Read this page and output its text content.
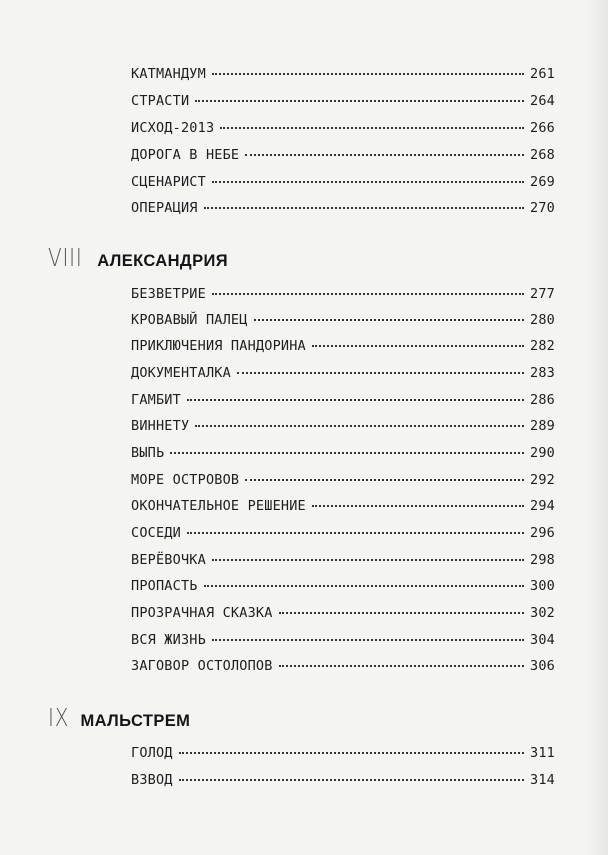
КАТМАНДУМ	261
СТРАСТИ	264
ИСХОД-2013	266
ДОРОГА В НЕБЕ	268
СЦЕНАРИСТ	269
ОПЕРАЦИЯ	270
VIII АЛЕКСАНДРИЯ
БЕЗВЕТРИЕ	277
КРОВАВЫЙ ПАЛЕЦ	280
ПРИКЛЮЧЕНИЯ ПАНДОРИНА	282
ДОКУМЕНТАЛКА	283
ГАМБИТ	286
ВИННЕТУ	289
ВЫПЬ	290
МОРЕ ОСТРОВОВ	292
ОКОНЧАТЕЛЬНОЕ РЕШЕНИЕ	294
СОСЕДИ	296
ВЕРЁВОЧКА	298
ПРОПАСТЬ	300
ПРОЗРАЧНАЯ СКАЗКА	302
ВСЯ ЖИЗНЬ	304
ЗАГОВОР ОСТОЛОПОВ	306
IX МАЛЬСТРЕМ
ГОЛОД	311
ВЗВОД	314
